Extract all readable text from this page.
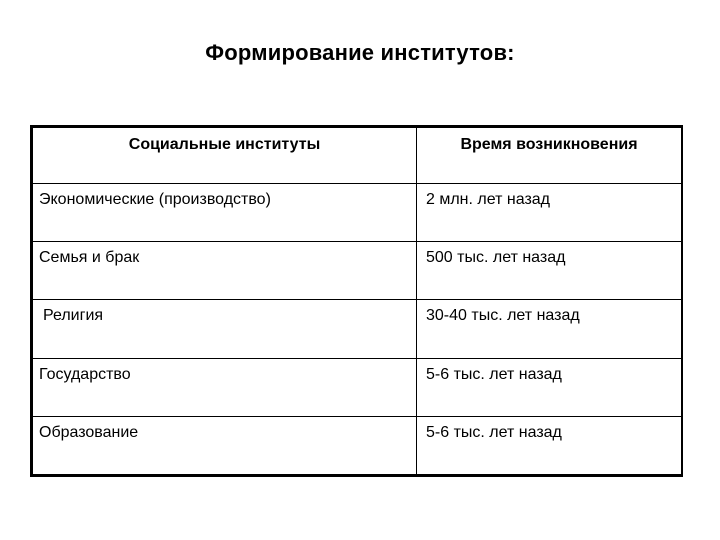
Формирование институтов:
Социальные институты	Время возникновения
Экономические (производство)	2 млн. лет назад
Семья и брак	500 тыс. лет назад
Религия	30-40 тыс. лет назад
Государство	5-6 тыс. лет назад
Образование	5-6 тыс. лет назад
